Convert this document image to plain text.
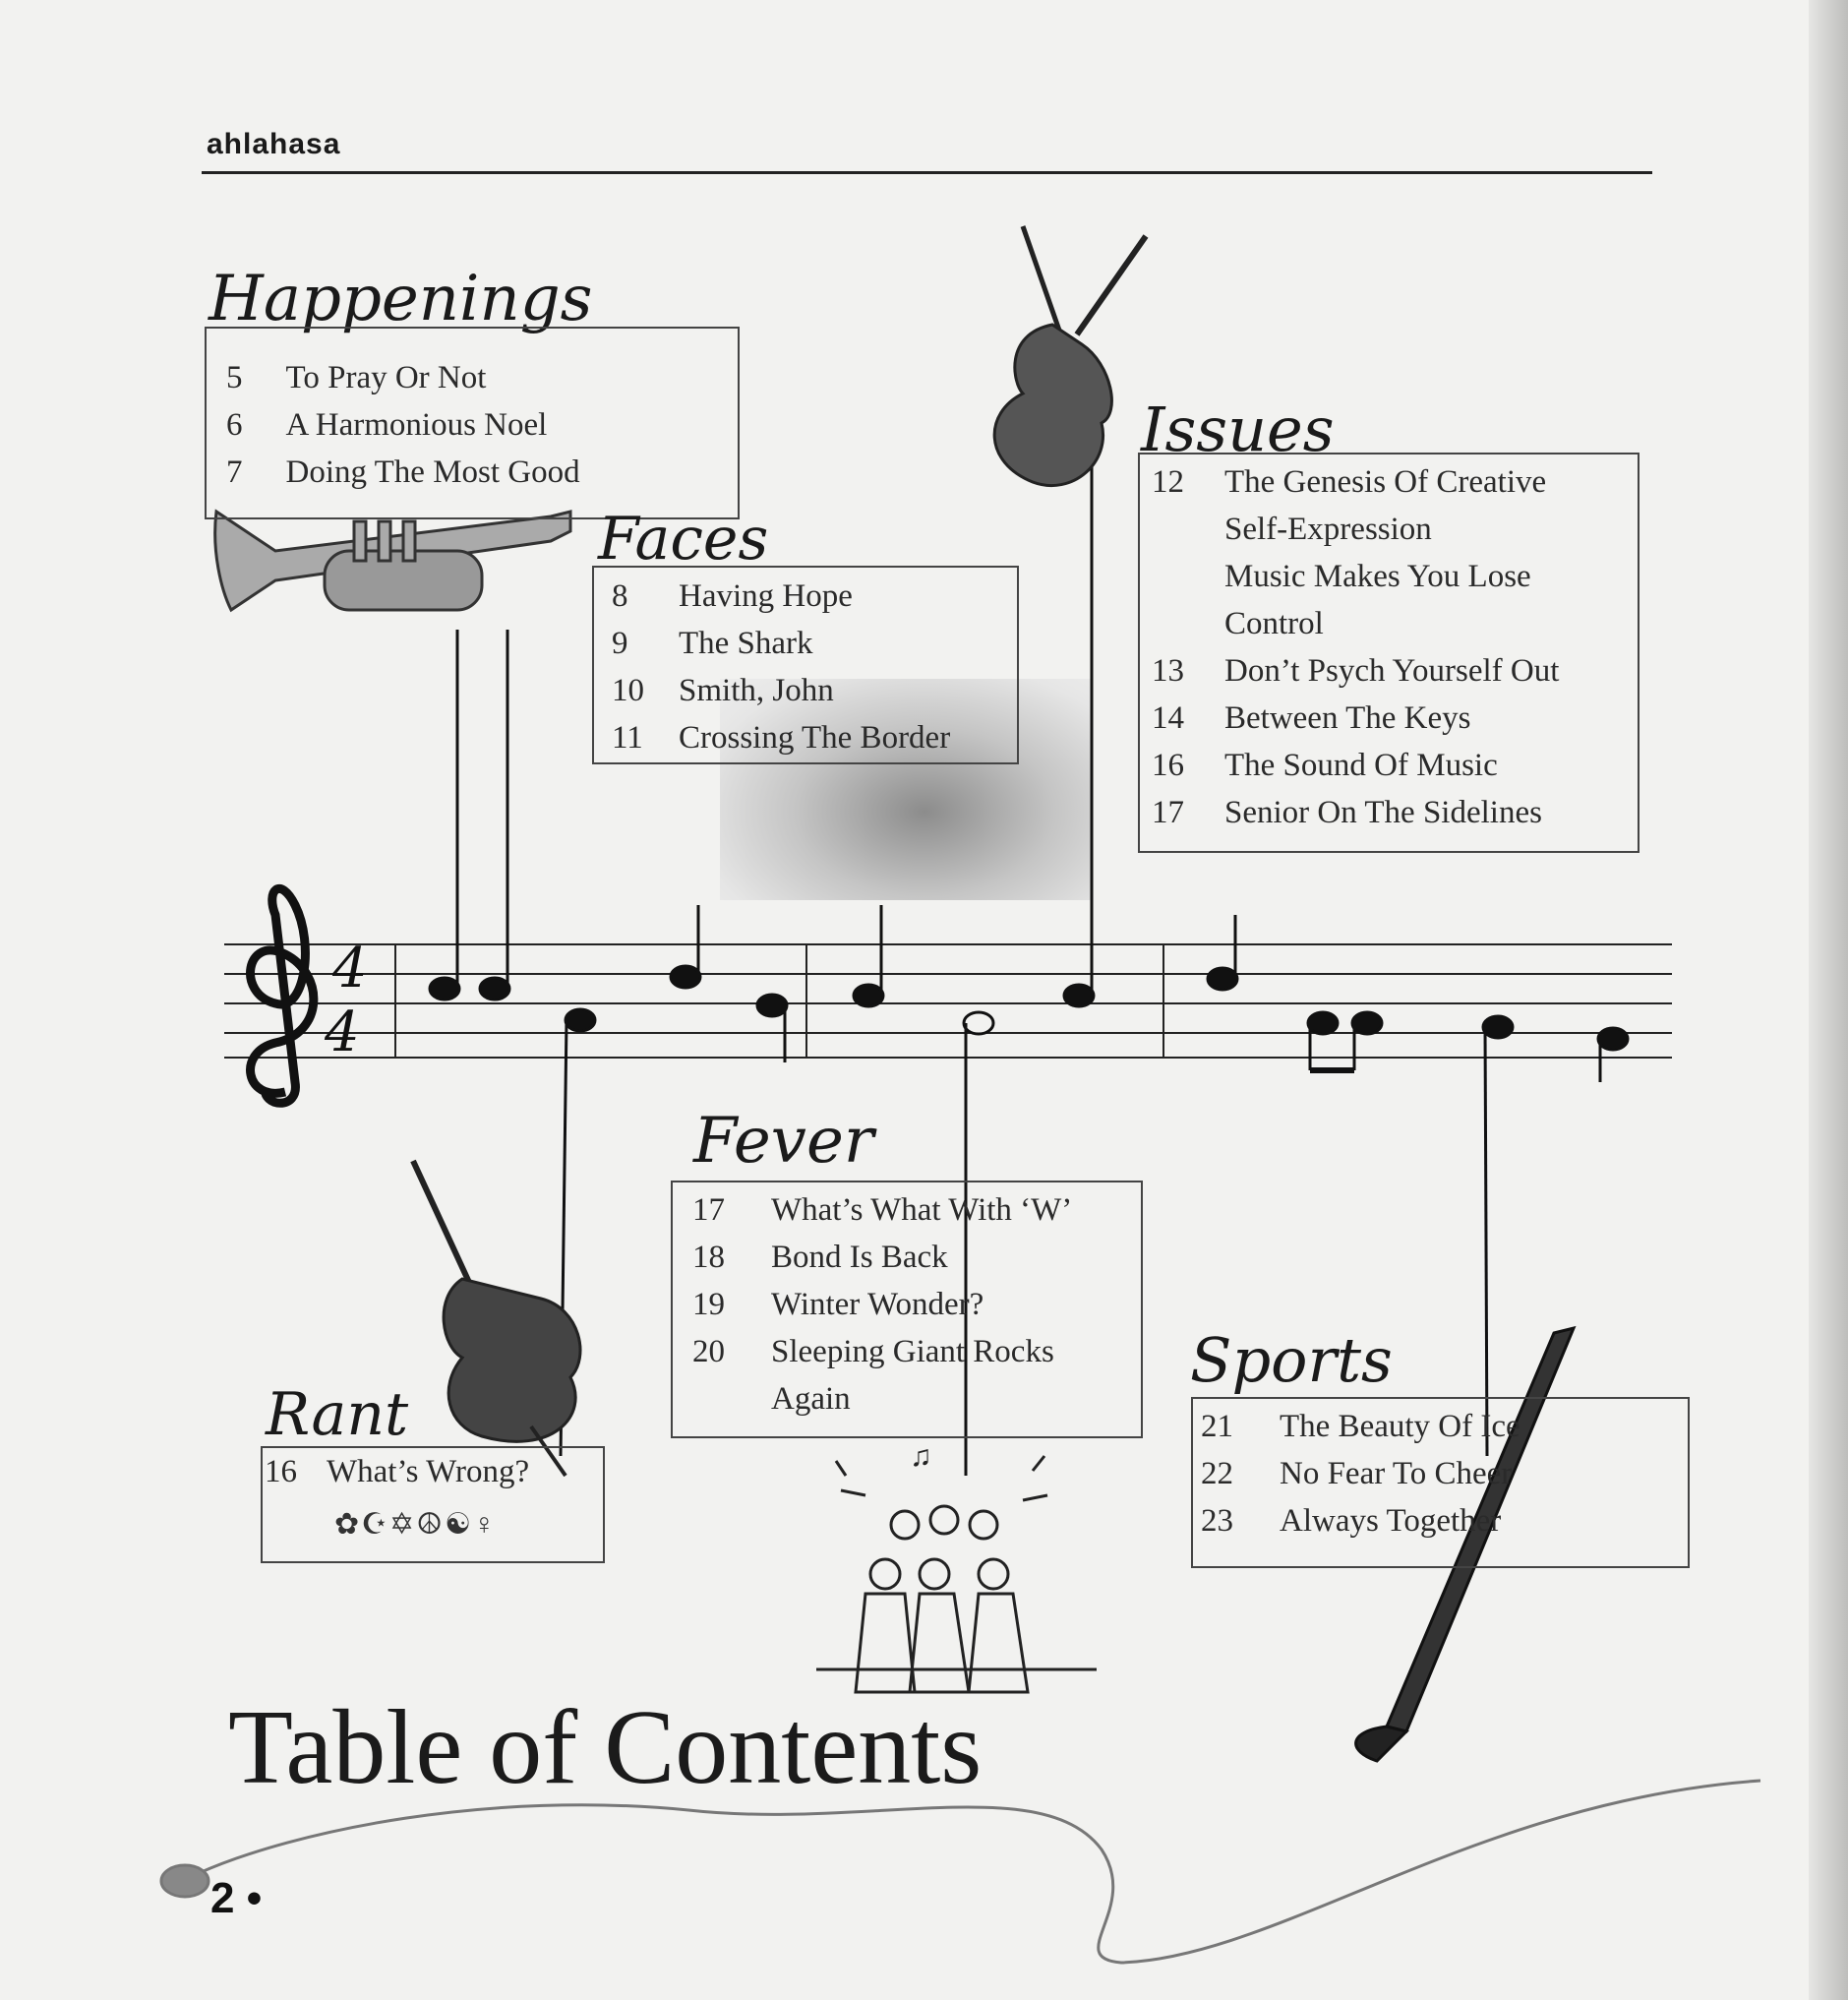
ahlahasa
4
4
♫
Happenings
5	To Pray Or Not
6	A Harmonious Noel
7	Doing The Most Good
Faces
8	Having Hope
9	The Shark
10	Smith, John
11	Crossing The Border
Issues
12	The Genesis Of Creative Self-Expression
	Music Makes You Lose Control
13	Don’t Psych Yourself Out
14	Between The Keys
16	The Sound Of Music
17	Senior On The Sidelines
Fever
17	What’s What With ‘W’
18	Bond Is Back
19	Winter Wonder?
20	Sleeping Giant Rocks Again
Rant
16	What’s Wrong?
✿☪✡☮☯♀
Sports
21	The Beauty Of Ice
22	No Fear To Cheer
23	Always Together
Table of Contents
2 •
